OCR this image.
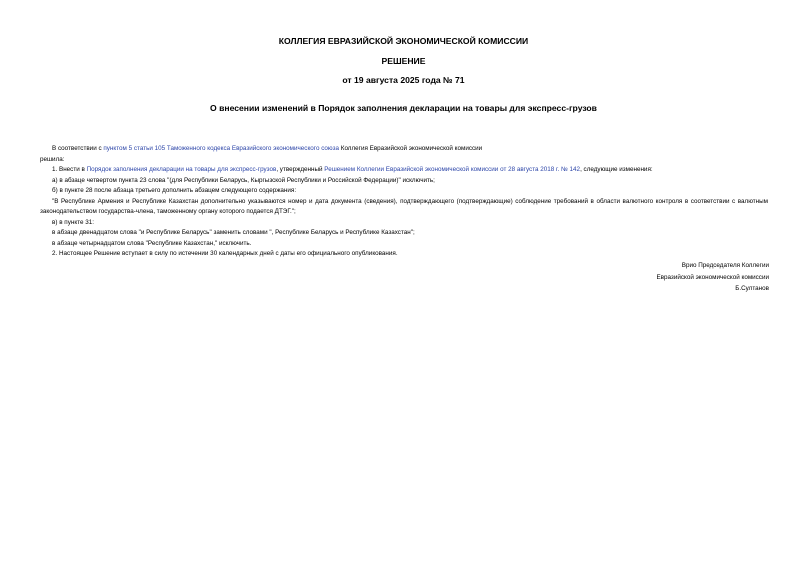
КОЛЛЕГИЯ ЕВРАЗИЙСКОЙ ЭКОНОМИЧЕСКОЙ КОМИССИИ
РЕШЕНИЕ
от 19 августа 2025 года № 71
О внесении изменений в Порядок заполнения декларации на товары для экспресс-грузов

В соответствии с пунктом 5 статьи 105 Таможенного кодекса Евразийского экономического союза Коллегия Евразийской экономической комиссии

решила:

1. Внести в Порядок заполнения декларации на товары для экспресс-грузов, утвержденный Решением Коллегии Евразийской экономической комиссии от 28 августа 2018 г. № 142, следующие изменения:

а) в абзаце четвертом пункта 23 слова "(для Республики Беларусь, Кыргызской Республики и Российской Федерации)" исключить;

б) в пункте 28 после абзаца третьего дополнить абзацем следующего содержания:

"В Республике Армения и Республике Казахстан дополнительно указываются номер и дата документа (сведения), подтверждающего (подтверждающие) соблюдение требований в области валютного контроля в соответствии с валютным законодательством государства-члена, таможенному органу которого подается ДТЭГ.";

в) в пункте 31:

в абзаце двенадцатом слова "и Республике Беларусь" заменить словами ", Республике Беларусь и Республике Казахстан";

в абзаце четырнадцатом слова "Республике Казахстан," исключить.

2. Настоящее Решение вступает в силу по истечении 30 календарных дней с даты его официального опубликования.

Врио Председателя Коллегии

Евразийской экономической комиссии

Б.Султанов
